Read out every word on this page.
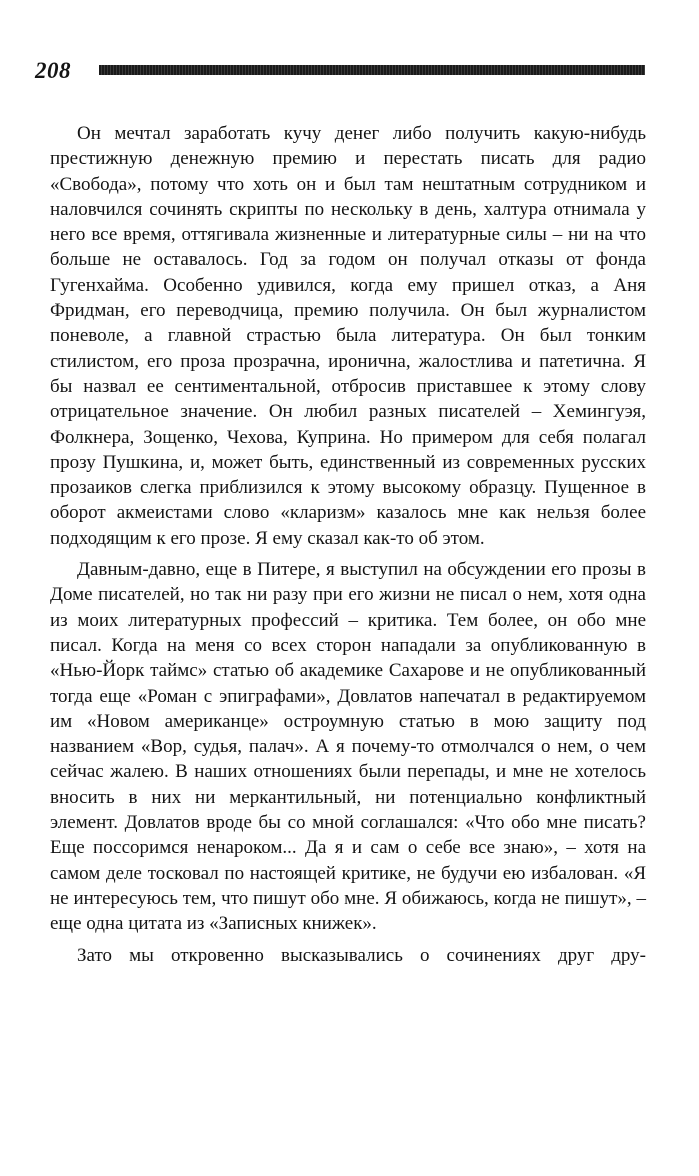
208

Он мечтал заработать кучу денег либо получить какую-нибудь престижную денежную премию и перестать писать для радио «Свобода», потому что хоть он и был там нештатным сотрудником и наловчился сочинять скрипты по нескольку в день, халтура отнимала у него все время, оттягивала жизненные и литературные силы – ни на что больше не оставалось. Год за годом он получал отказы от фонда Гугенхайма. Особенно удивился, когда ему пришел отказ, а Аня Фридман, его переводчица, премию получила. Он был журналистом поневоле, а главной страстью была литература. Он был тонким стилистом, его проза прозрачна, иронична, жалостлива и патетична. Я бы назвал ее сентиментальной, отбросив приставшее к этому слову отрицательное значение. Он любил разных писателей – Хемингуэя, Фолкнера, Зощенко, Чехова, Куприна. Но примером для себя полагал прозу Пушкина, и, может быть, единственный из современных русских прозаиков слегка приблизился к этому высокому образцу. Пущенное в оборот акмеистами слово «кларизм» казалось мне как нельзя более подходящим к его прозе. Я ему сказал как-то об этом.

Давным-давно, еще в Питере, я выступил на обсуждении его прозы в Доме писателей, но так ни разу при его жизни не писал о нем, хотя одна из моих литературных профессий – критика. Тем более, он обо мне писал. Когда на меня со всех сторон нападали за опубликованную в «Нью-Йорк таймс» статью об академике Сахарове и не опубликованный тогда еще «Роман с эпиграфами», Довлатов напечатал в редактируемом им «Новом американце» остроумную статью в мою защиту под названием «Вор, судья, палач». А я почему-то отмолчался о нем, о чем сейчас жалею. В наших отношениях были перепады, и мне не хотелось вносить в них ни меркантильный, ни потенциально конфликтный элемент. Довлатов вроде бы со мной соглашался: «Что обо мне писать? Еще поссоримся ненароком... Да я и сам о себе все знаю», – хотя на самом деле тосковал по настоящей критике, не будучи ею избалован. «Я не интересуюсь тем, что пишут обо мне. Я обижаюсь, когда не пишут», – еще одна цитата из «Записных книжек».

Зато мы откровенно высказывались о сочинениях друг дру-
